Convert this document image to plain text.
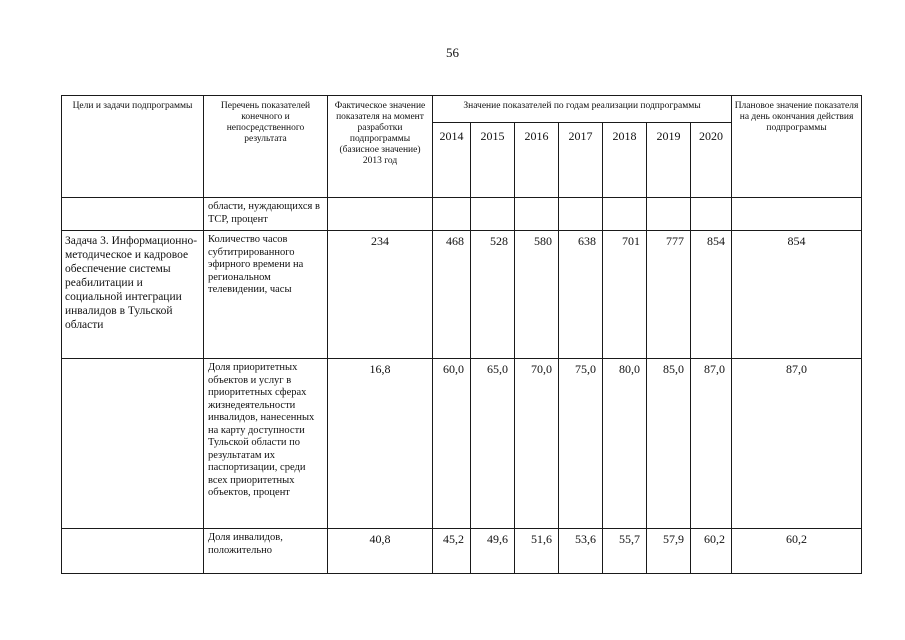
56
Цели и задачи подпрограммы	Перечень показателей конечного и непосредственного результата	Фактическое значение показателя на момент разработки подпрограммы (базисное значение) 2013 год	Значение показателей по годам реализации подпрограммы							Плановое значение показателя на день окончания действия подпрограммы
			2014	2015	2016	2017	2018	2019	2020	
	области, нуждающихся в ТСР, процент									
Задача 3. Информационно-методическое и кадровое обеспечение системы реабилитации и социальной интеграции инвалидов в Тульской области	Количество часов субтитрированного эфирного времени на региональном телевидении, часы	234	468	528	580	638	701	777	854	854
	Доля приоритетных объектов и услуг в приоритетных сферах жизнедеятельности инвалидов, нанесенных на карту доступности Тульской области по результатам их паспортизации, среди всех приоритетных объектов, процент	16,8	60,0	65,0	70,0	75,0	80,0	85,0	87,0	87,0
	Доля инвалидов, положительно	40,8	45,2	49,6	51,6	53,6	55,7	57,9	60,2	60,2
